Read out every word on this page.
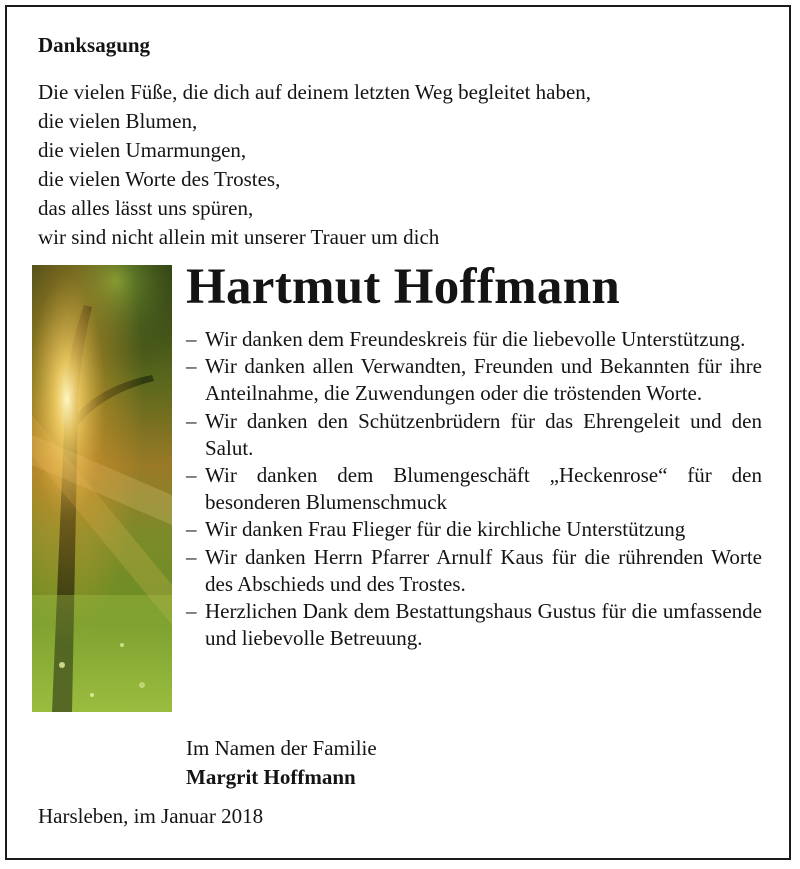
Danksagung
Die vielen Füße, die dich auf deinem letzten Weg begleitet haben,
die vielen Blumen,
die vielen Umarmungen,
die vielen Worte des Trostes,
das alles lässt uns spüren,
wir sind nicht allein mit unserer Trauer um dich
Hartmut Hoffmann
– Wir danken dem Freundeskreis für die liebevolle Unterstützung.
– Wir danken allen Verwandten, Freunden und Bekannten für ihre Anteilnahme, die Zuwendungen oder die tröstenden Worte.
– Wir danken den Schützenbrüdern für das Ehrengeleit und den Salut.
– Wir danken dem Blumengeschäft „Heckenrose“ für den besonderen Blumenschmuck
– Wir danken Frau Flieger für die kirchliche Unterstützung
– Wir danken Herrn Pfarrer Arnulf Kaus für die rührenden Worte des Abschieds und des Trostes.
– Herzlichen Dank dem Bestattungshaus Gustus für die umfassende und liebevolle Betreuung.
Im Namen der Familie
Margrit Hoffmann
Harsleben, im Januar 2018
